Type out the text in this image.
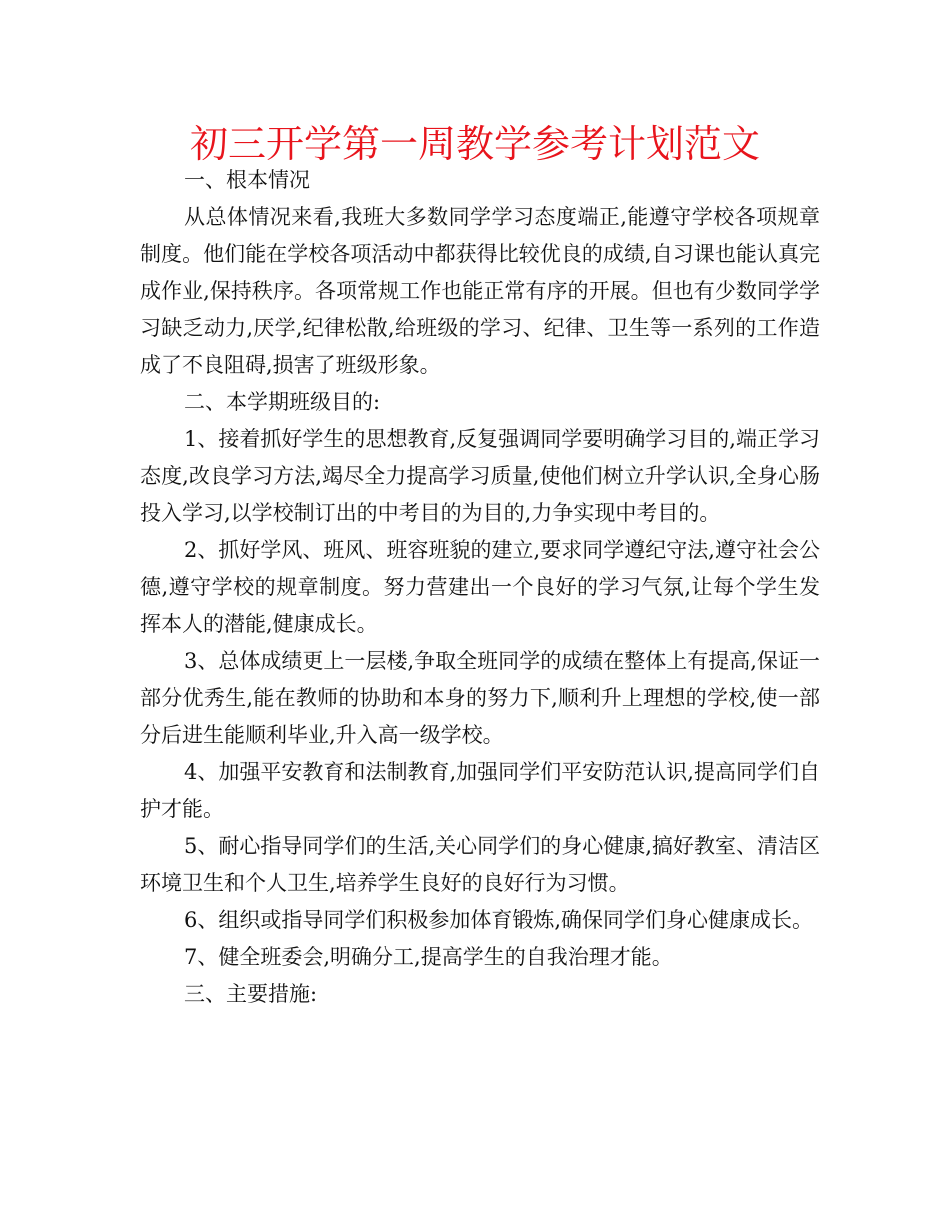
初三开学第一周教学参考计划范文

一、根本情况

从总体情况来看,我班大多数同学学习态度端正,能遵守学校各项规章制度。他们能在学校各项活动中都获得比较优良的成绩,自习课也能认真完成作业,保持秩序。各项常规工作也能正常有序的开展。但也有少数同学学习缺乏动力,厌学,纪律松散,给班级的学习、纪律、卫生等一系列的工作造成了不良阻碍,损害了班级形象。

二、本学期班级目的:

1、接着抓好学生的思想教育,反复强调同学要明确学习目的,端正学习态度,改良学习方法,竭尽全力提高学习质量,使他们树立升学认识,全身心肠投入学习,以学校制订出的中考目的为目的,力争实现中考目的。

2、抓好学风、班风、班容班貌的建立,要求同学遵纪守法,遵守社会公德,遵守学校的规章制度。努力营建出一个良好的学习气氛,让每个学生发挥本人的潜能,健康成长。

3、总体成绩更上一层楼,争取全班同学的成绩在整体上有提高,保证一部分优秀生,能在教师的协助和本身的努力下,顺利升上理想的学校,使一部分后进生能顺利毕业,升入高一级学校。

4、加强平安教育和法制教育,加强同学们平安防范认识,提高同学们自护才能。

5、耐心指导同学们的生活,关心同学们的身心健康,搞好教室、清洁区环境卫生和个人卫生,培养学生良好的良好行为习惯。

6、组织或指导同学们积极参加体育锻炼,确保同学们身心健康成长。

7、健全班委会,明确分工,提高学生的自我治理才能。

三、主要措施:
